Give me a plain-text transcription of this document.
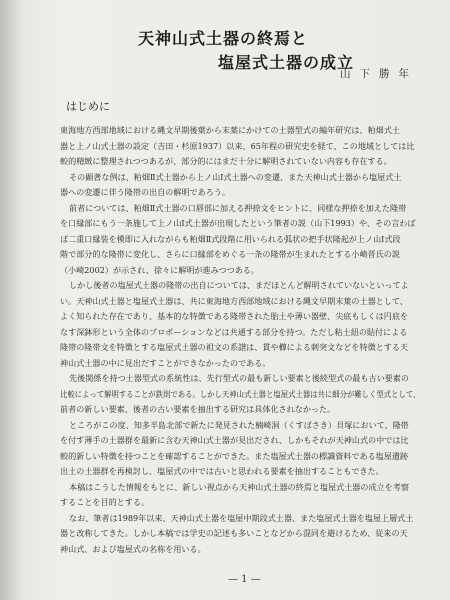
天神山式土器の終焉と
塩屋式土器の成立
山下勝年
はじめに
東海地方西部地域における縄文早期後葉から末葉にかけての土器型式の編年研究は、粕畑式土
器と上ノ山式土器の設定（吉田・杉原1937）以来、65年程の研究史を経て、この地域としては比
較的精緻に整理されつつあるが、部分的にはまだ十分に解明されていない内容も存在する。
その顕著な例は、粕畑Ⅱ式土器から上ノ山Ⅰ式土器への変遷、また天神山式土器から塩屋式土
器への変遷に伴う隆帯の出自の解明であろう。
前者については、粕畑Ⅱ式土器の口唇部に加える押捺文をヒントに、同様な押捺を加えた隆帯
を口縁部にもう一条施して上ノ山Ⅰ式土器が出現したという筆者の説（山下1993）や、その言わば
ば二重口縁装を模即に入れながらも粕畑Ⅱ式段階に用いられる弧状の把手状隆起が上ノ山Ⅰ式段
階で部分的な隆帯に変化し、さらに口縁部をめぐる一条の隆帯が生まれたとする小崎晋氏の説
（小崎2002）が示され、徐々に解明が進みつつある。
しかし後者の塩屋式土器の隆帯の出自については、まだほとんど解明されていないといってよ
い。天神山式土器と塩屋式土器は、共に東海地方西部地域における縄文早期末葉の土器として、
よく知られた存在であり、基本的な特徴である隆帯された胎土や薄い器壁、尖底もしくは円底を
なす深鉢形という全体のプロポーションなどは共通する部分を持つ。ただし粘土紐の貼付による
隆帯の隆帯文を特徴とする塩屋式土器の祖文の系譜は、貫や櫛による刺突文などを特徴とする天
神山式土器の中に見出だすことができなかったのである。
先後関係を持つ土器型式の系統性は、先行型式の最も新しい要素と後続型式の最も古い要素の
比較によって解明することが鉄則である。しかし天神山式土器と塩屋式土器は共に細分が難しく型式として、
前者の新しい要素、後者の古い要素を抽出する研究は具体化されなかった。
ところがこの度、知多半島北部で新たに発見された楠崎洞（くすばさき）貝塚において、隆帯
を付す薄手の土器群を最新に含む天神山式土器が見出だされ、しかもそれが天神山式の中では比
較的新しい特徴を持つことを確認することができた。また塩屋式土器の標識資料である塩屋遺跡
出土の土器群を再検討し、塩屋式の中では古いと思われる要素を抽出することもできた。
本稿はこうした情報をもとに、新しい視点から天神山式土器の終焉と塩屋式土器の成立を考察
することを目的とする。
なお、筆者は1989年以来、天神山式土器を塩屋中期段式土器、また塩屋式土器を塩屋上層式土
器と改称してきた。しかし本稿では学史の記述も多いことなどから混同を避けるため、従来の天
神山式、および塩屋式の名称を用いる。
— 1 —
